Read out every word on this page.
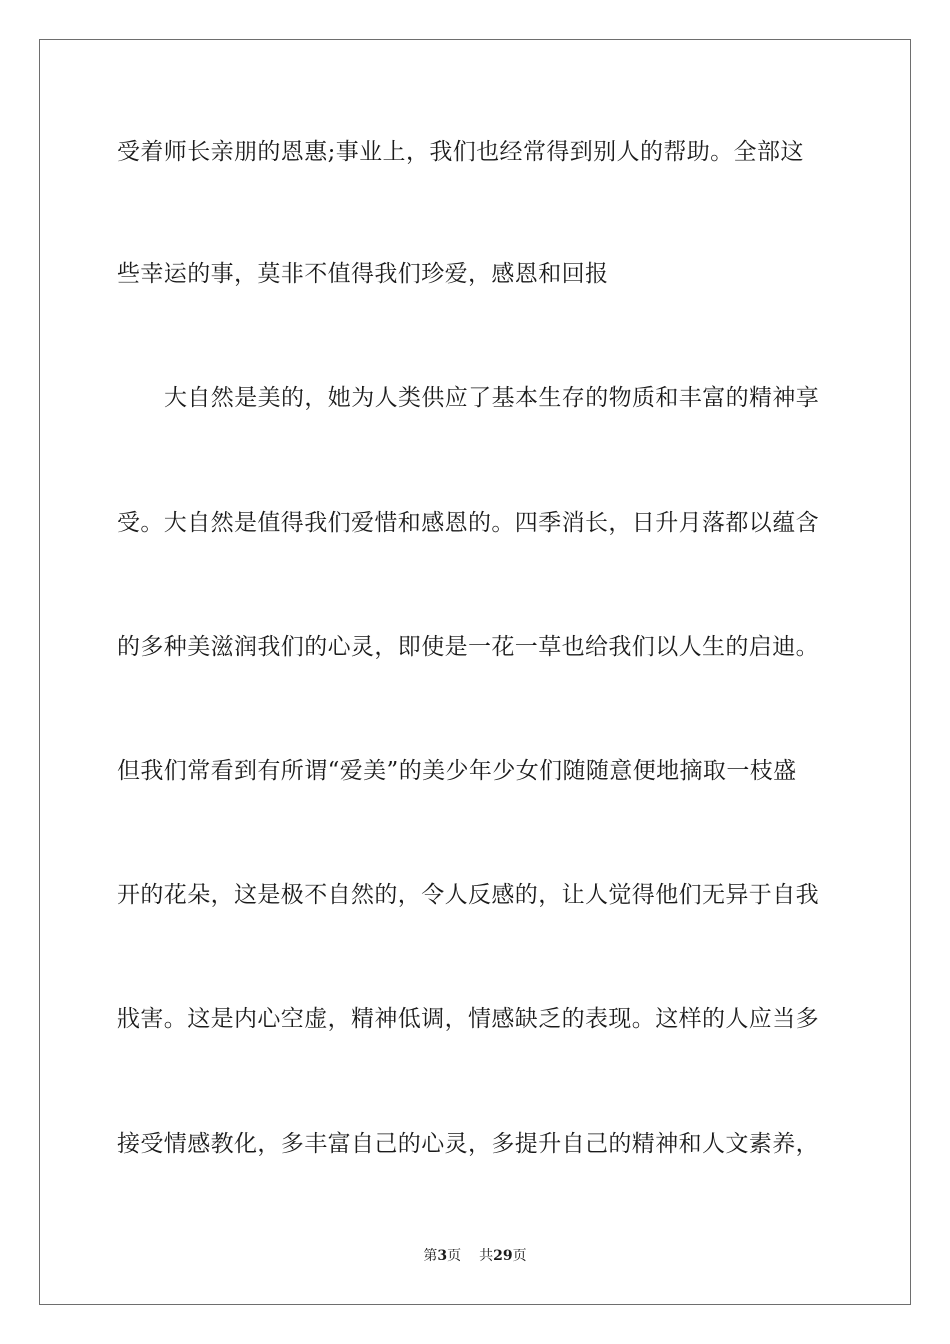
受着师长亲朋的恩惠;事业上，我们也经常得到别人的帮助。全部这
些幸运的事，莫非不值得我们珍爱，感恩和回报
大自然是美的，她为人类供应了基本生存的物质和丰富的精神享
受。大自然是值得我们爱惜和感恩的。四季消长，日升月落都以蕴含
的多种美滋润我们的心灵，即使是一花一草也给我们以人生的启迪。
但我们常看到有所谓“爱美”的美少年少女们随随意便地摘取一枝盛
开的花朵，这是极不自然的，令人反感的，让人觉得他们无异于自我
戕害。这是内心空虚，精神低调，情感缺乏的表现。这样的人应当多
接受情感教化，多丰富自己的心灵，多提升自己的精神和人文素养，
第3页 共29页
